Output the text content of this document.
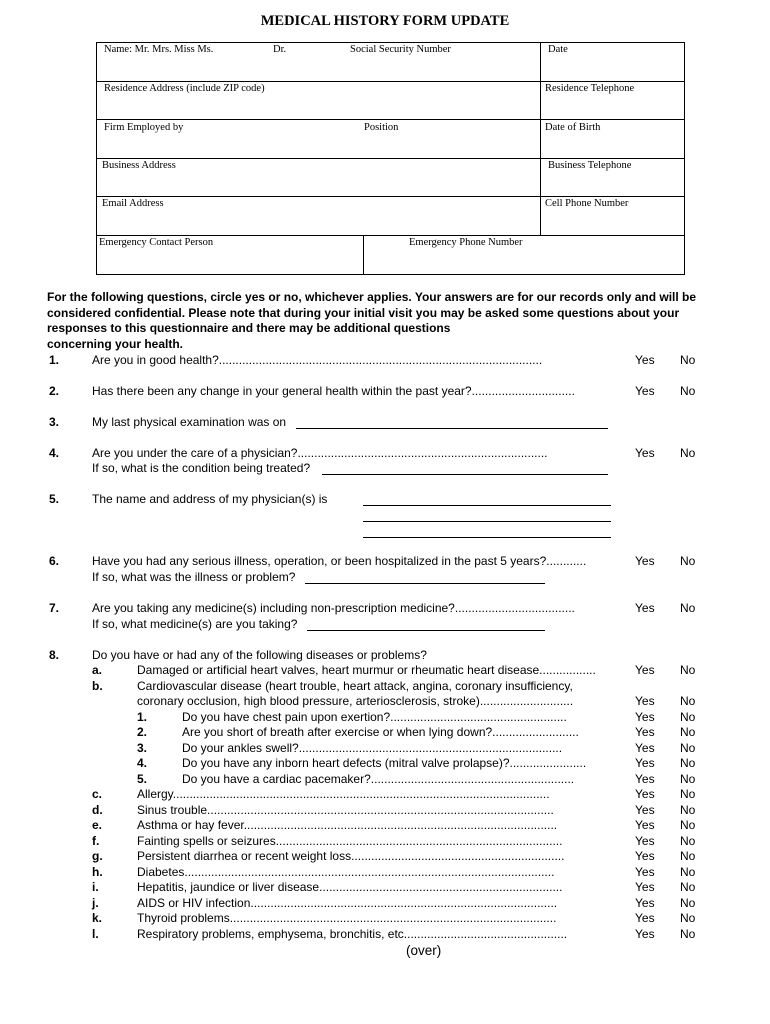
MEDICAL HISTORY FORM UPDATE
Name: Mr. Mrs. Miss Ms.	Dr.	Social Security Number	Date
Residence Address (include ZIP code)	Residence Telephone
Firm Employed by	Position	Date of Birth
Business Address	Business Telephone
Email Address	Cell Phone Number
Emergency Contact Person	Emergency Phone Number
For the following questions, circle yes or no, whichever applies. Your answers are for our records only and will be
considered confidential. Please note that during your initial visit you may be asked some questions about your
responses to this questionnaire and there may be additional questions
concerning your health.
1.	Are you in good health?.................................................................................................	Yes No
2.	Has there been any change in your general health within the past year?...............................	Yes No
3.	My last physical examination was on
4.	Are you under the care of a physician?...........................................................................	Yes No
If so, what is the condition being treated?
5.	The name and address of my physician(s) is
6.	Have you had any serious illness, operation, or been hospitalized in the past 5 years?............	Yes No
If so, what was the illness or problem?
7.	Are you taking any medicine(s) including non-prescription medicine?....................................	Yes No
If so, what medicine(s) are you taking?
8.	Do you have or had any of the following diseases or problems?
a.	Damaged or artificial heart valves, heart murmur or rheumatic heart disease.................	Yes No
b.	Cardiovascular disease (heart trouble, heart attack, angina, coronary insufficiency,
coronary occlusion, high blood pressure, arteriosclerosis, stroke)............................	Yes No
1.	Do you have chest pain upon exertion?.....................................................	Yes No
2.	Are you short of breath after exercise or when lying down?..........................	Yes No
3.	Do your ankles swell?...............................................................................	Yes No
4.	Do you have any inborn heart defects (mitral valve prolapse)?.......................	Yes No
5.	Do you have a cardiac pacemaker?.............................................................	Yes No
c.	Allergy.................................................................................................................	Yes No
d.	Sinus trouble........................................................................................................	Yes No
e.	Asthma or hay fever..............................................................................................	Yes No
f.	Fainting spells or seizures......................................................................................	Yes No
g.	Persistent diarrhea or recent weight loss................................................................	Yes No
h.	Diabetes...............................................................................................................	Yes No
i.	Hepatitis, jaundice or liver disease.........................................................................	Yes No
j.	AIDS or HIV infection............................................................................................	Yes No
k.	Thyroid problems..................................................................................................	Yes No
l.	Respiratory problems, emphysema, bronchitis, etc.................................................	Yes No
(over)
